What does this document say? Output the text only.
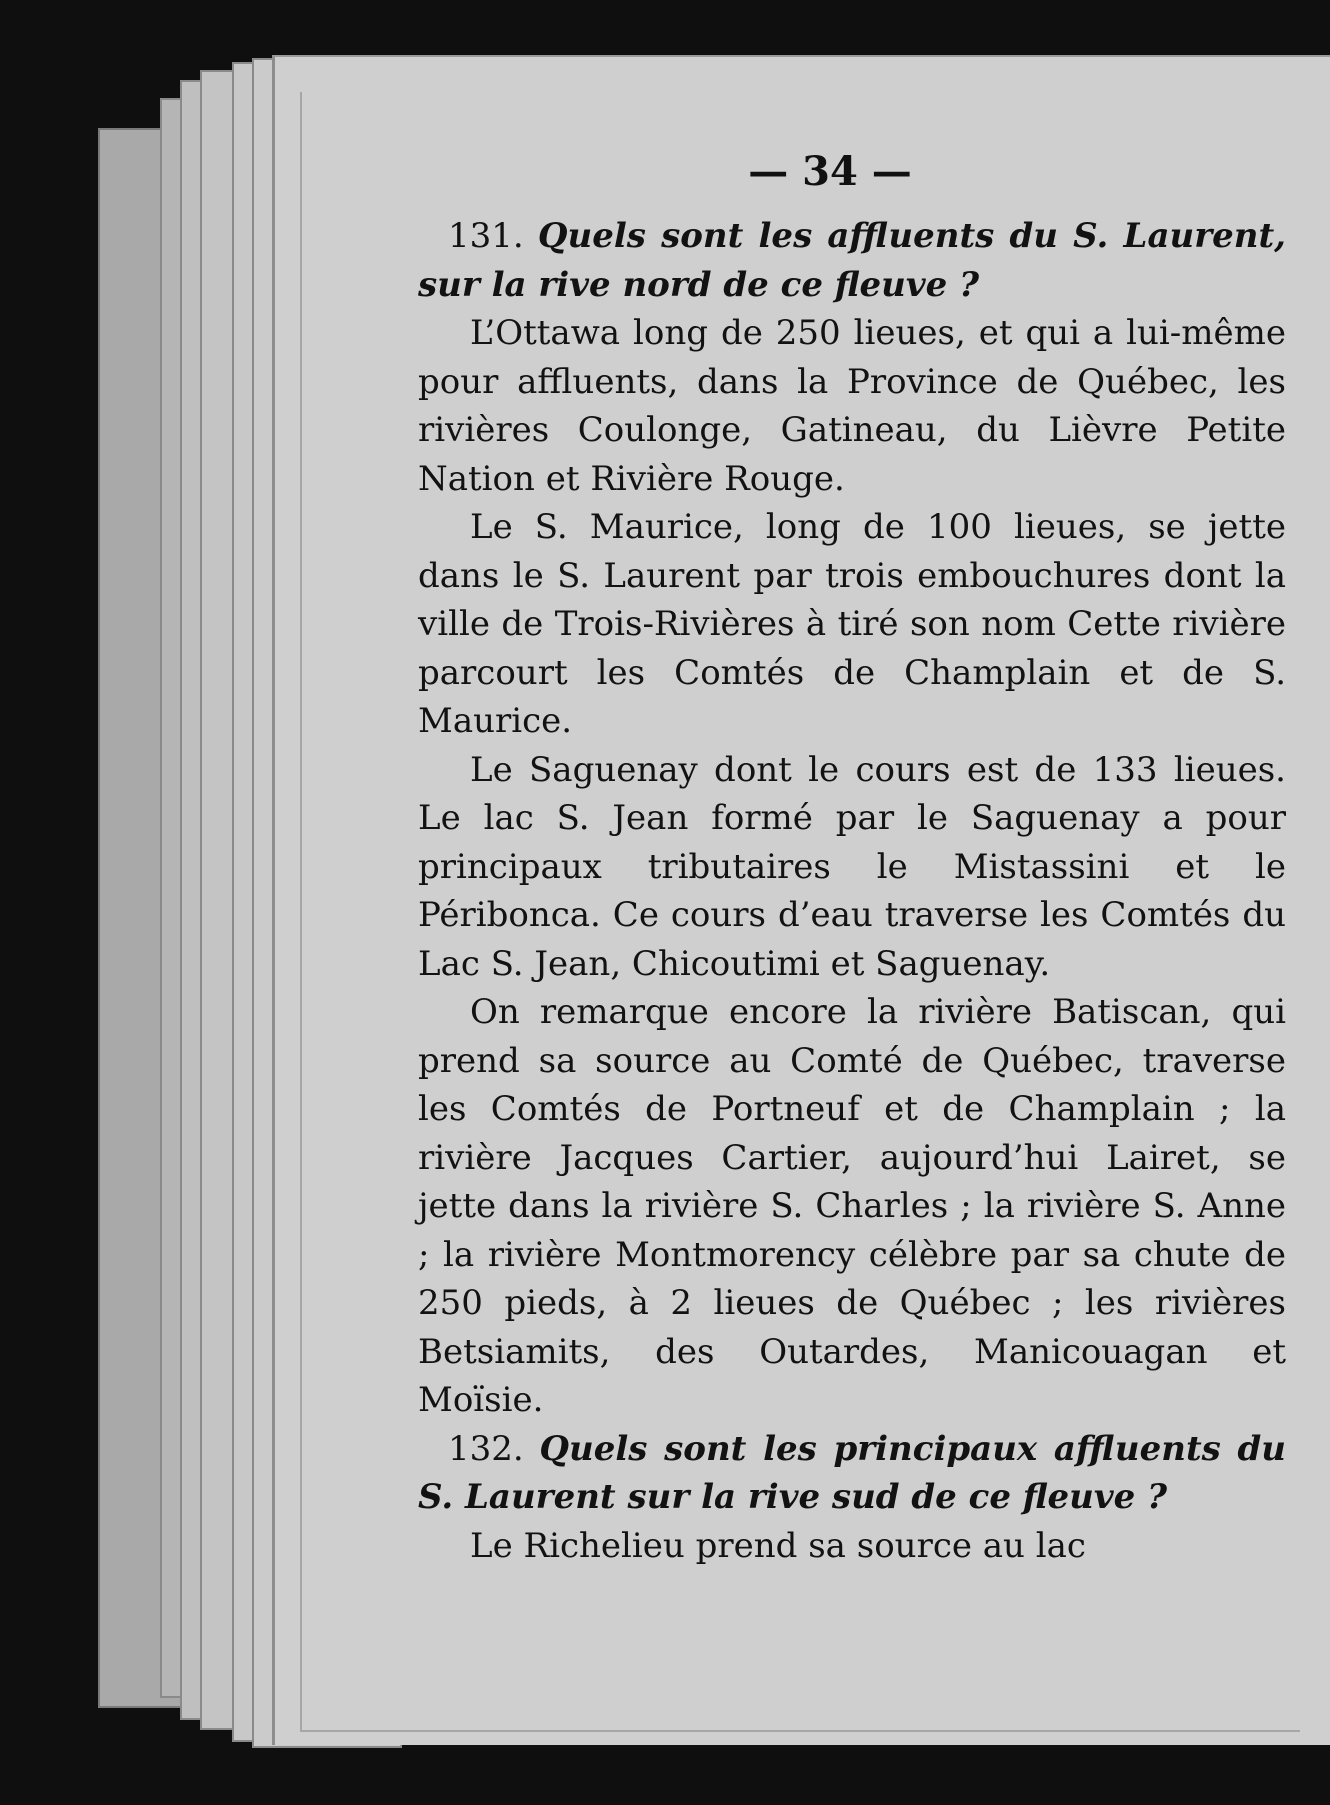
— 34 —

131. Quels sont les affluents du S. Laurent, sur la rive nord de ce fleuve ?

L’Ottawa long de 250 lieues, et qui a lui-même pour affluents, dans la Province de Québec, les rivières Coulonge, Gatineau, du Lièvre Petite Nation et Rivière Rouge.

Le S. Maurice, long de 100 lieues, se jette dans le S. Laurent par trois embouchures dont la ville de Trois-Rivières à tiré son nom Cette rivière parcourt les Comtés de Champlain et de S. Maurice.

Le Saguenay dont le cours est de 133 lieues. Le lac S. Jean formé par le Saguenay a pour principaux tributaires le Mistassini et le Péribonca. Ce cours d’eau traverse les Comtés du Lac S. Jean, Chicoutimi et Saguenay.

On remarque encore la rivière Batiscan, qui prend sa source au Comté de Québec, traverse les Comtés de Portneuf et de Champlain ; la rivière Jacques Cartier, aujourd’hui Lairet, se jette dans la rivière S. Charles ; la rivière S. Anne ; la rivière Montmorency célèbre par sa chute de 250 pieds, à 2 lieues de Québec ; les rivières Betsiamits, des Outardes, Manicouagan et Moïsie.

132. Quels sont les principaux affluents du S. Laurent sur la rive sud de ce fleuve ?

Le Richelieu prend sa source au lac
